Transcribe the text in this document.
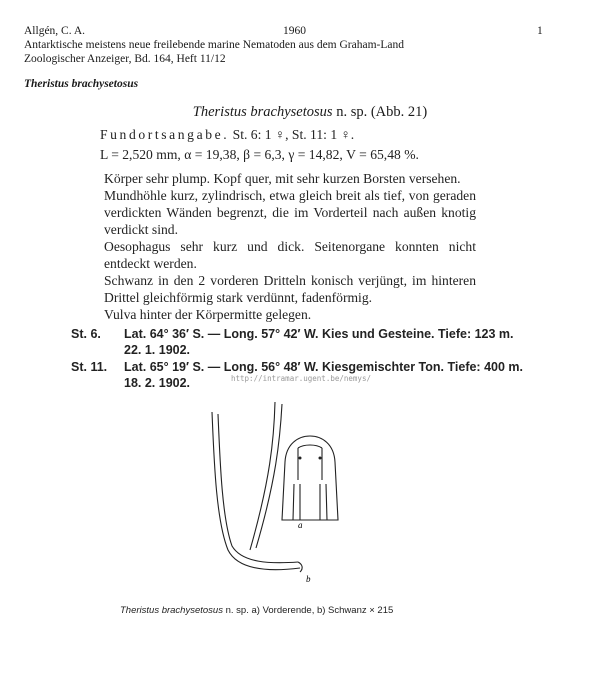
Allgén, C. A.	1960	1
Antarktische meistens neue freilebende marine Nematoden aus dem Graham-Land
Zoologischer Anzeiger, Bd. 164, Heft 11/12
Theristus brachysetosus
Theristus brachysetosus n. sp. (Abb. 21)
Fundortsangabe. St. 6: 1 ♀, St. 11: 1 ♀.
L = 2,520 mm, α = 19,38, β = 6,3, γ = 14,82, V = 65,48 %.
Körper sehr plump. Kopf quer, mit sehr kurzen Borsten versehen.
Mundhöhle kurz, zylindrisch, etwa gleich breit als tief, von geraden verdickten Wänden begrenzt, die im Vorderteil nach außen knotig verdickt sind.
Oesophagus sehr kurz und dick. Seitenorgane konnten nicht entdeckt werden.
Schwanz in den 2 vorderen Dritteln konisch verjüngt, im hinteren Drittel gleichförmig stark verdünnt, fadenförmig.
Vulva hinter der Körpermitte gelegen.
St. 6. Lat. 64° 36′ S. — Long. 57° 42′ W. Kies und Gesteine. Tiefe: 123 m.
22. 1. 1902.
St. 11. Lat. 65° 19′ S. — Long. 56° 48′ W. Kiesgemischter Ton. Tiefe: 400 m.
18. 2. 1902.	http://intramar.ugent.be/nemys/
a
b
Theristus brachysetosus n. sp. a) Vorderende, b) Schwanz × 215
